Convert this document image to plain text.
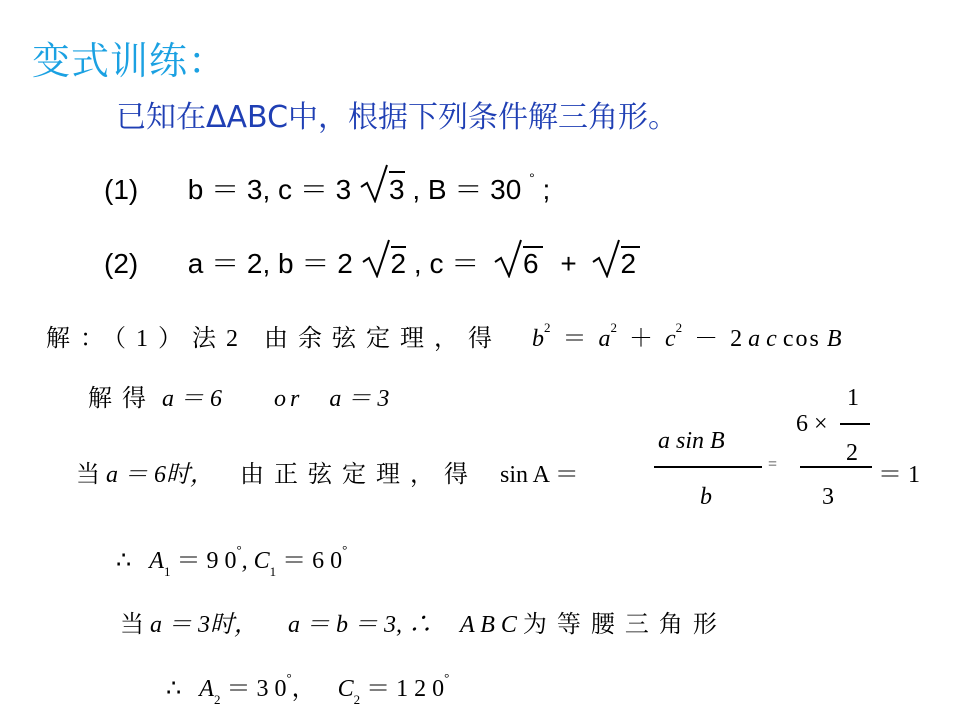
变式训练：
已知在ΔABC中，根据下列条件解三角形。
(1) b ＝ 3, c ＝ 3 3 , B ＝ 30 ° ;
(2) a ＝ 2, b ＝ 2 2 , c ＝ 6 + 2
解：（1）法2 由余弦定理，得 $b^2 = a^2 + c^2 - 2$ a c cos B
解得 a ＝ 6 or a ＝ 3
当 a ＝ 6时， 由正弦定理，得 sin A ＝
a sin B
b
=
1
2
6 ×
3
＝ 1
∴ $A_1 = 9$ 0°, $C_1 = 6$ 0°
当 a ＝ 3时， a ＝ b ＝ 3, ∴ A B C 为等腰三角形
∴ $A_2 = 3$ 0°， $C_2 = 1$ 2 0°
